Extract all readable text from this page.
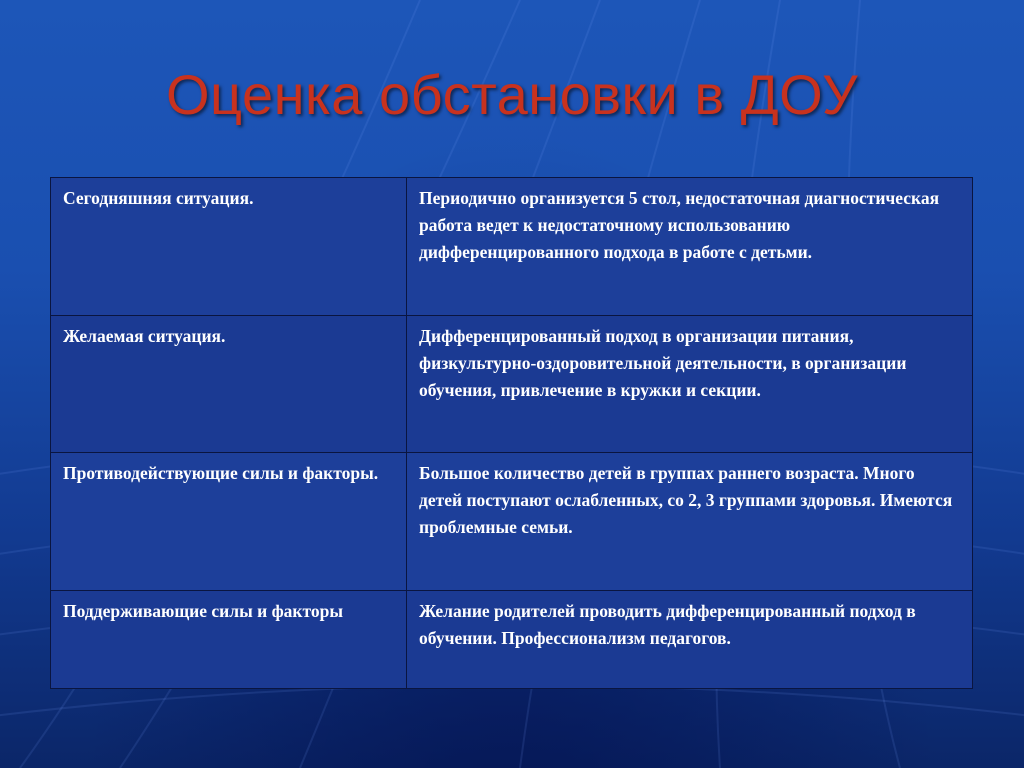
Оценка обстановки в ДОУ
Сегодняшняя ситуация.	Периодично организуется 5 стол, недостаточная диагностическая работа ведет к недостаточному использованию дифференцированного подхода в работе с детьми.
Желаемая ситуация.	Дифференцированный подход в организации питания, физкультурно-оздоровительной деятельности, в организации обучения, привлечение в кружки и секции.
Противодействующие силы и факторы.	Большое количество детей в группах раннего возраста. Много детей поступают ослабленных, со 2, 3 группами здоровья. Имеются проблемные семьи.
Поддерживающие силы и факторы	Желание родителей проводить дифференцированный подход в обучении. Профессионализм педагогов.
